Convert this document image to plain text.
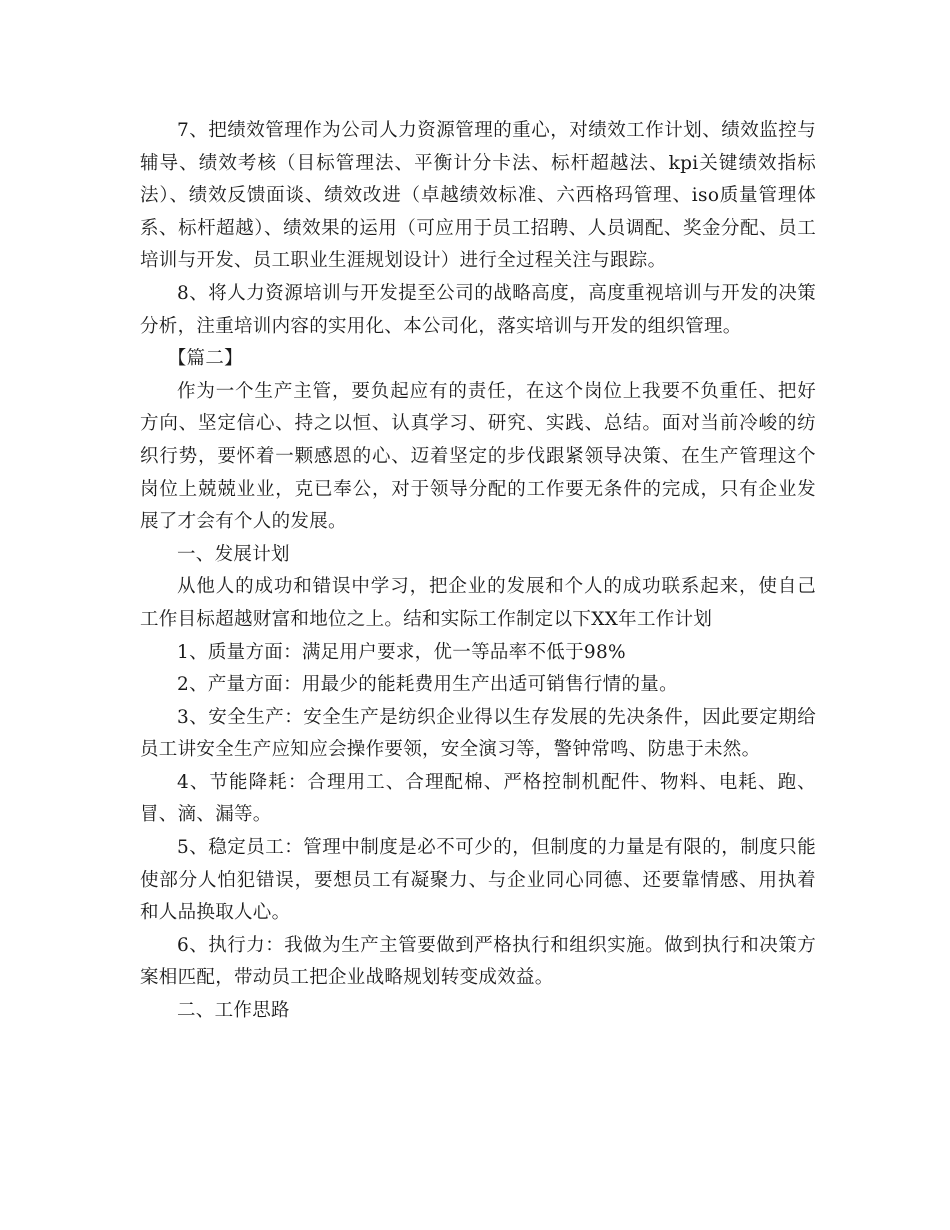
7、把绩效管理作为公司人力资源管理的重心，对绩效工作计划、绩效监控与辅导、绩效考核（目标管理法、平衡计分卡法、标杆超越法、kpi关键绩效指标法）、绩效反馈面谈、绩效改进（卓越绩效标准、六西格玛管理、iso质量管理体系、标杆超越）、绩效果的运用（可应用于员工招聘、人员调配、奖金分配、员工培训与开发、员工职业生涯规划设计）进行全过程关注与跟踪。

8、将人力资源培训与开发提至公司的战略高度，高度重视培训与开发的决策分析，注重培训内容的实用化、本公司化，落实培训与开发的组织管理。

【篇二】

作为一个生产主管，要负起应有的责任，在这个岗位上我要不负重任、把好方向、坚定信心、持之以恒、认真学习、研究、实践、总结。面对当前冷峻的纺织行势，要怀着一颗感恩的心、迈着坚定的步伐跟紧领导决策、在生产管理这个岗位上兢兢业业，克已奉公，对于领导分配的工作要无条件的完成，只有企业发展了才会有个人的发展。

一、发展计划

从他人的成功和错误中学习，把企业的发展和个人的成功联系起来，使自己工作目标超越财富和地位之上。结和实际工作制定以下XX年工作计划

1、质量方面：满足用户要求，优一等品率不低于98%

2、产量方面：用最少的能耗费用生产出适可销售行情的量。

3、安全生产：安全生产是纺织企业得以生存发展的先决条件，因此要定期给员工讲安全生产应知应会操作要领，安全演习等，警钟常鸣、防患于未然。

4、节能降耗：合理用工、合理配棉、严格控制机配件、物料、电耗、跑、冒、滴、漏等。

5、稳定员工：管理中制度是必不可少的，但制度的力量是有限的，制度只能使部分人怕犯错误，要想员工有凝聚力、与企业同心同德、还要靠情感、用执着和人品换取人心。

6、执行力：我做为生产主管要做到严格执行和组织实施。做到执行和决策方案相匹配，带动员工把企业战略规划转变成效益。

二、工作思路
